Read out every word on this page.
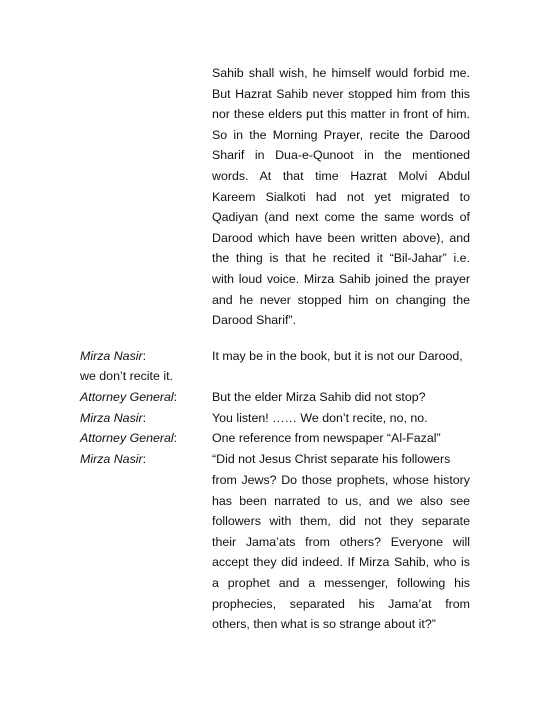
Sahib shall wish, he himself would forbid me.
But Hazrat Sahib never stopped him from this
nor these elders put this matter in front of him.
So in the Morning Prayer, recite the Darood
Sharif in Dua-e-Qunoot in the mentioned
words. At that time Hazrat Molvi Abdul
Kareem Sialkoti had not yet migrated to
Qadiyan (and next come the same words of
Darood which have been written above), and
the thing is that he recited it “Bil-Jahar” i.e.
with loud voice. Mirza Sahib joined the prayer
and he never stopped him on changing the
Darood Sharif”.
Mirza Nasir:	It may be in the book, but it is not our Darood,
we don’t recite it.
Attorney General:	But the elder Mirza Sahib did not stop?
Mirza Nasir:	You listen! …… We don’t recite, no, no.
Attorney General:	One reference from newspaper “Al-Fazal”
Mirza Nasir:	“Did not Jesus Christ separate his followers
from Jews? Do those prophets, whose history
has been narrated to us, and we also see
followers with them, did not they separate
their Jama’ats from others? Everyone will
accept they did indeed. If Mirza Sahib, who is
a prophet and a messenger, following his
prophecies, separated his Jama’at from
others, then what is so strange about it?”
